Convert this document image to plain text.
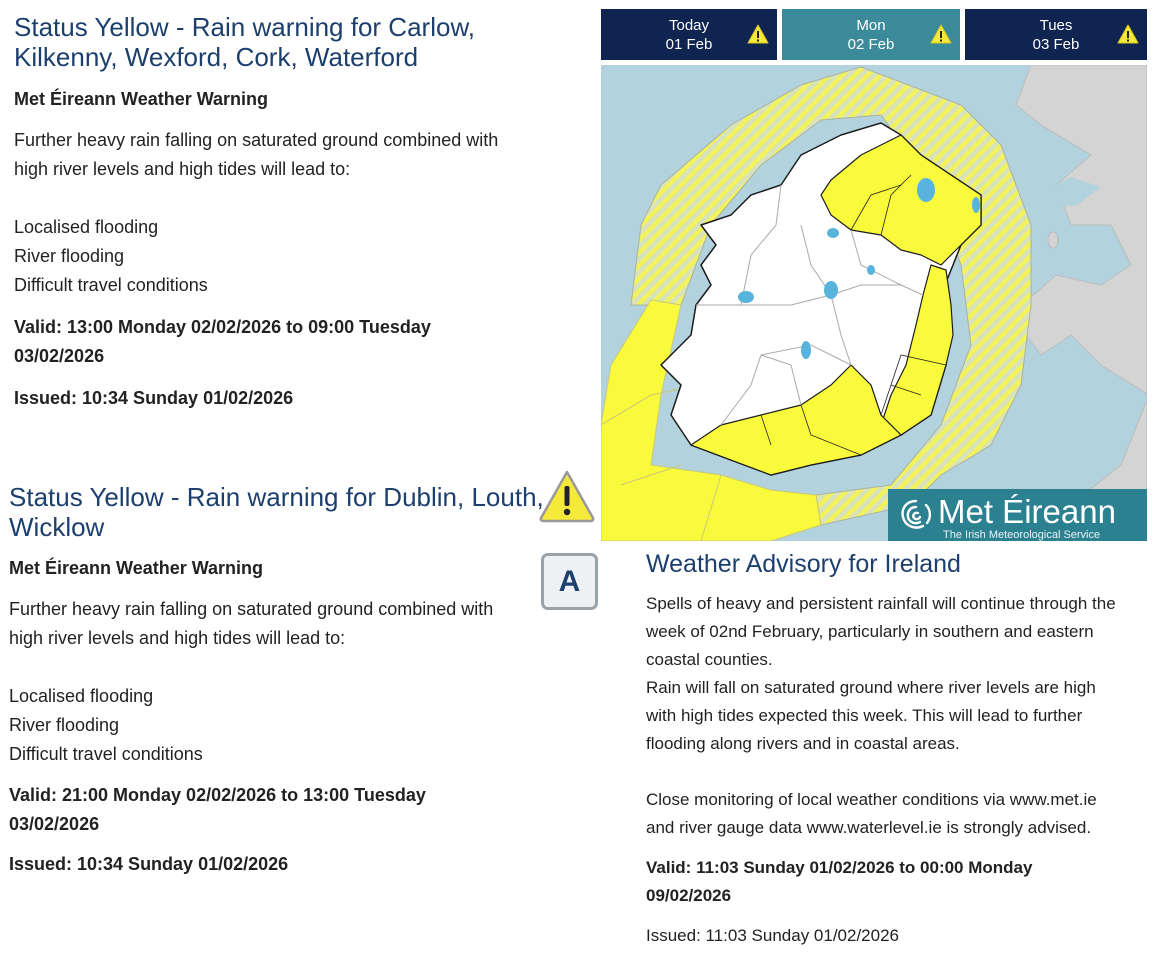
Status Yellow - Rain warning for Carlow,
Kilkenny, Wexford, Cork, Waterford
Met Éireann Weather Warning
Further heavy rain falling on saturated ground combined with
high river levels and high tides will lead to:
Localised flooding
River flooding
Difficult travel conditions
Valid: 13:00 Monday 02/02/2026 to 09:00 Tuesday
03/02/2026
Issued: 10:34 Sunday 01/02/2026
Status Yellow - Rain warning for Dublin, Louth,
Wicklow
Met Éireann Weather Warning	A
Further heavy rain falling on saturated ground combined with
high river levels and high tides will lead to:
Localised flooding
River flooding
Difficult travel conditions
Valid: 21:00 Monday 02/02/2026 to 13:00 Tuesday
03/02/2026
Issued: 10:34 Sunday 01/02/2026
Today
01 Feb
Mon
02 Feb
Tues
03 Feb
Met Éireann
The Irish Meteorological Service
Weather Advisory for Ireland
Spells of heavy and persistent rainfall will continue through the
week of 02nd February, particularly in southern and eastern
coastal counties.
Rain will fall on saturated ground where river levels are high
with high tides expected this week. This will lead to further
flooding along rivers and in coastal areas.
Close monitoring of local weather conditions via www.met.ie
and river gauge data www.waterlevel.ie is strongly advised.
Valid: 11:03 Sunday 01/02/2026 to 00:00 Monday
09/02/2026
Issued: 11:03 Sunday 01/02/2026
